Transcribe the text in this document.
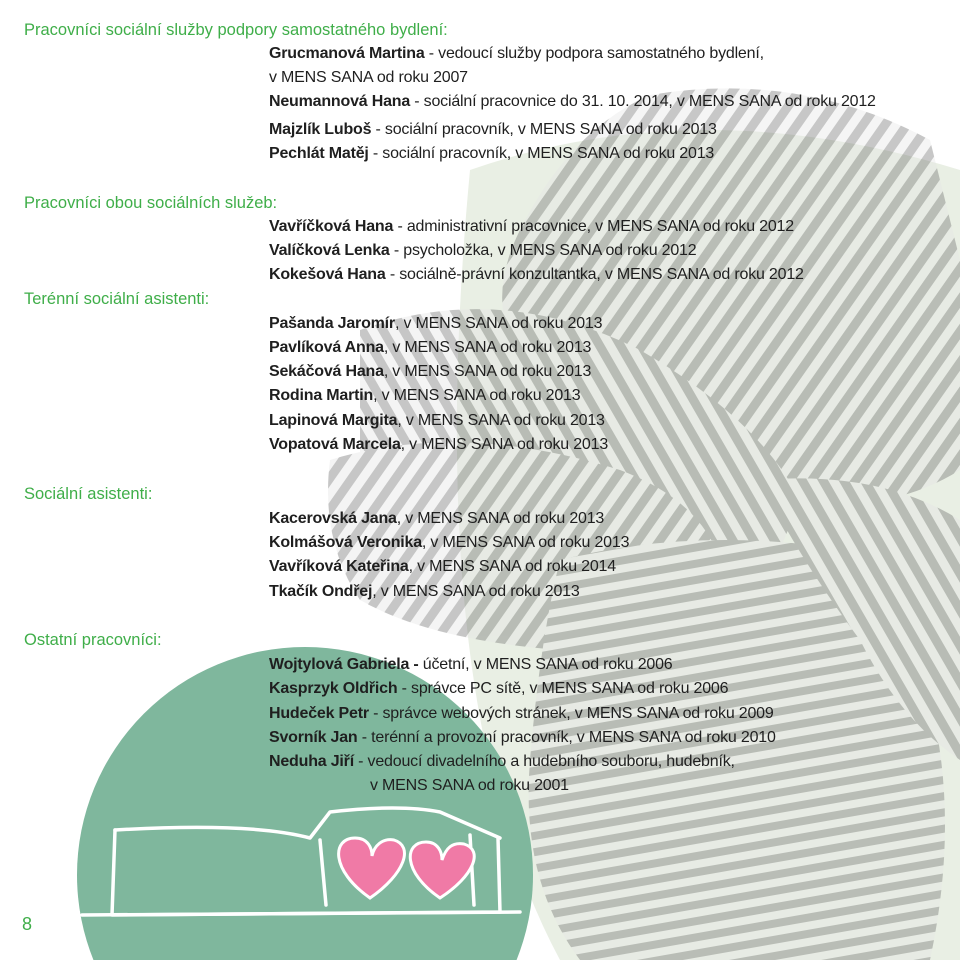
Pracovníci sociální služby podpory samostatného bydlení:
Grucmanová Martina - vedoucí služby podpora samostatného bydlení,
v MENS SANA od roku 2007
Neumannová Hana - sociální pracovnice do 31. 10. 2014, v MENS SANA od roku 2012
Majzlík Luboš - sociální pracovník, v MENS SANA od roku 2013
Pechlát Matěj - sociální pracovník, v MENS SANA od roku 2013
Pracovníci obou sociálních služeb:
Vavříčková Hana - administrativní pracovnice, v MENS SANA od roku 2012
Valíčková Lenka - psycholožka, v MENS SANA od roku 2012
Kokešová Hana - sociálně-právní konzultantka, v MENS SANA od roku 2012
Terénní sociální asistenti:
Pašanda Jaromír, v MENS SANA od roku 2013
Pavlíková Anna, v MENS SANA od roku 2013
Sekáčová Hana, v MENS SANA od roku 2013
Rodina Martin, v MENS SANA od roku 2013
Lapinová Margita, v MENS SANA od roku 2013
Vopatová Marcela, v MENS SANA od roku 2013
Sociální asistenti:
Kacerovská Jana, v MENS SANA od roku 2013
Kolmášová Veronika, v MENS SANA od roku 2013
Vavříková Kateřina, v MENS SANA od roku 2014
Tkačík Ondřej, v MENS SANA od roku 2013
Ostatní pracovníci:
Wojtylová Gabriela - účetní, v MENS SANA od roku 2006
Kasprzyk Oldřich - správce PC sítě, v MENS SANA od roku 2006
Hudeček Petr - správce webových stránek, v MENS SANA od roku 2009
Svorník Jan - terénní a provozní pracovník, v MENS SANA od roku 2010
Neduha Jiří - vedoucí divadelního a hudebního souboru, hudebník,
v MENS SANA od roku 2001
8
